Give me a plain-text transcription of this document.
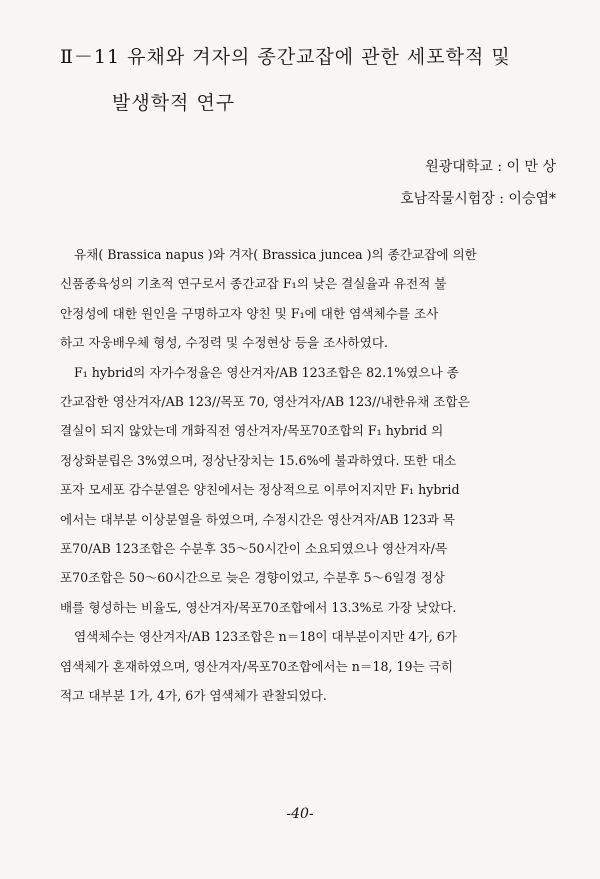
Ⅱ－11 유채와 겨자의 종간교잡에 관한 세포학적 및
발생학적 연구
원광대학교 : 이 만 상
호남작물시험장 : 이승엽*
유채( Brassica napus )와 겨자( Brassica juncea )의 종간교잡에 의한
신품종육성의 기초적 연구로서 종간교잡 F₁의 낮은 결실율과 유전적 불
안정성에 대한 원인을 구명하고자 양친 및 F₁에 대한 염색체수를 조사
하고 자웅배우체 형성, 수정력 및 수정현상 등을 조사하였다.
F₁ hybrid의 자가수정율은 영산겨자/AB 123조합은 82.1%였으나 종
간교잡한 영산겨자/AB 123//목포 70, 영산겨자/AB 123//내한유채 조합은
결실이 되지 않았는데 개화직전 영산겨자/목포70조합의 F₁ hybrid 의
정상화분립은 3%였으며, 정상난장치는 15.6%에 불과하였다. 또한 대소
포자 모세포 감수분열은 양친에서는 정상적으로 이루어지지만 F₁ hybrid
에서는 대부분 이상분열을 하였으며, 수정시간은 영산겨자/AB 123과 목
포70/AB 123조합은 수분후 35～50시간이 소요되였으나 영산겨자/목
포70조합은 50～60시간으로 늦은 경향이었고, 수분후 5～6일경 정상
배를 형성하는 비율도, 영산겨자/목포70조합에서 13.3%로 가장 낮았다.
염색체수는 영산겨자/AB 123조합은 n＝18이 대부분이지만 4가, 6가
염색체가 혼재하였으며, 영산겨자/목포70조합에서는 n＝18, 19는 극히
적고 대부분 1가, 4가, 6가 염색체가 관찰되었다.
-40-
